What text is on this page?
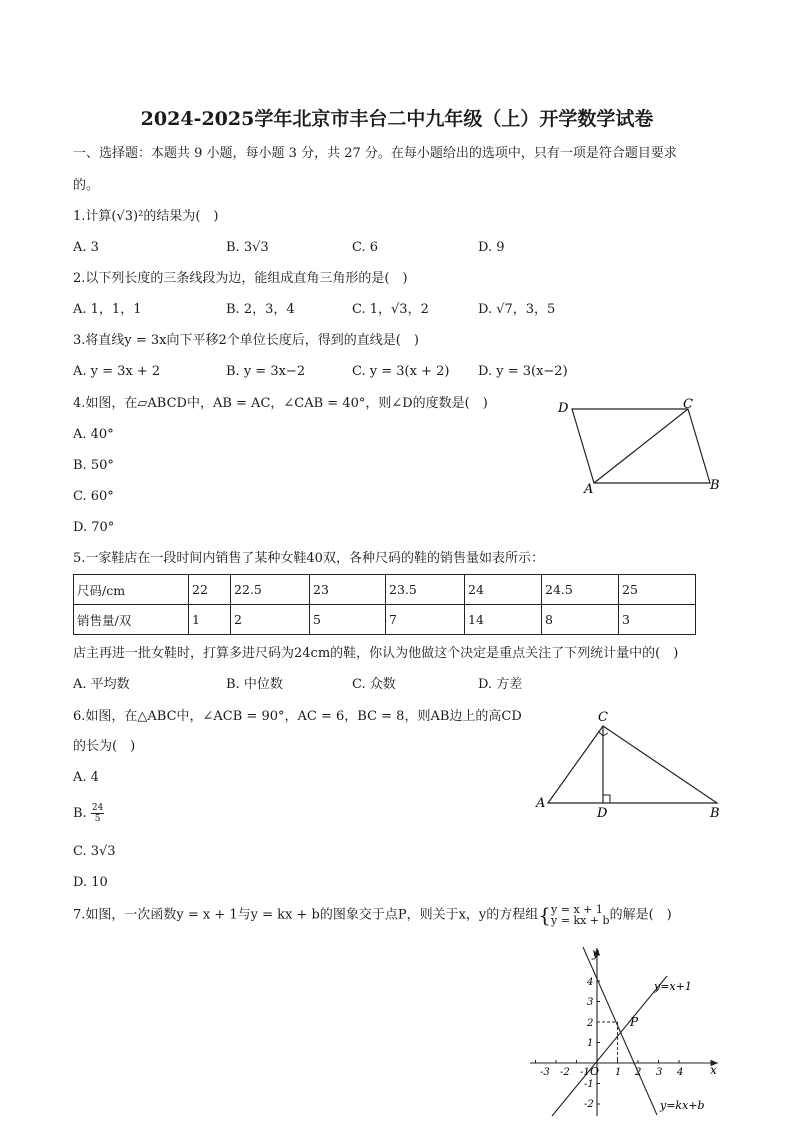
2024-2025学年北京市丰台二中九年级（上）开学数学试卷
一、选择题：本题共 9 小题，每小题 3 分，共 27 分。在每小题给出的选项中，只有一项是符合题目要求
的。
1.计算(√3)²的结果为(　)
A. 3	B. 3√3	C. 6	D. 9
2.以下列长度的三条线段为边，能组成直角三角形的是(　)
A. 1，1，1	B. 2，3，4	C. 1，√3，2	D. √7，3，5
3.将直线y = 3x向下平移2个单位长度后，得到的直线是(　)
A. y = 3x + 2	B. y = 3x−2	C. y = 3(x + 2) D. y = 3(x−2)
4.如图，在▱ABCD中，AB = AC，∠CAB = 40°，则∠D的度数是(　)
A. 40°
B. 50°
C. 60°
D. 70°
D	C
A	B
5.一家鞋店在一段时间内销售了某种女鞋40双，各种尺码的鞋的销售量如表所示：
尺码/cm	22	22.5	23	23.5	24	24.5	25
销售量/双	1	2	5	7	14	8	3
店主再进一批女鞋时，打算多进尺码为24cm的鞋，你认为他做这个决定是重点关注了下列统计量中的(　)
A. 平均数	B. 中位数	C. 众数	D. 方差
6.如图，在△ABC中，∠ACB = 90°，AC = 6，BC = 8，则AB边上的高CD
的长为(　)
A. 4
B. $\frac{24}{5}$
C. 3√3
D. 10
C
A
D	B
7.如图，一次函数y = x + 1与y = kx + b的图象交于点P，则关于x，y的方程组{ y = x + 1
y = kx + b 的解是(　)
x
y
y=x+1
y=kx+b
P
-3 -2 -1 O 1 2 3 4
4
3
2
1
-1
-2
